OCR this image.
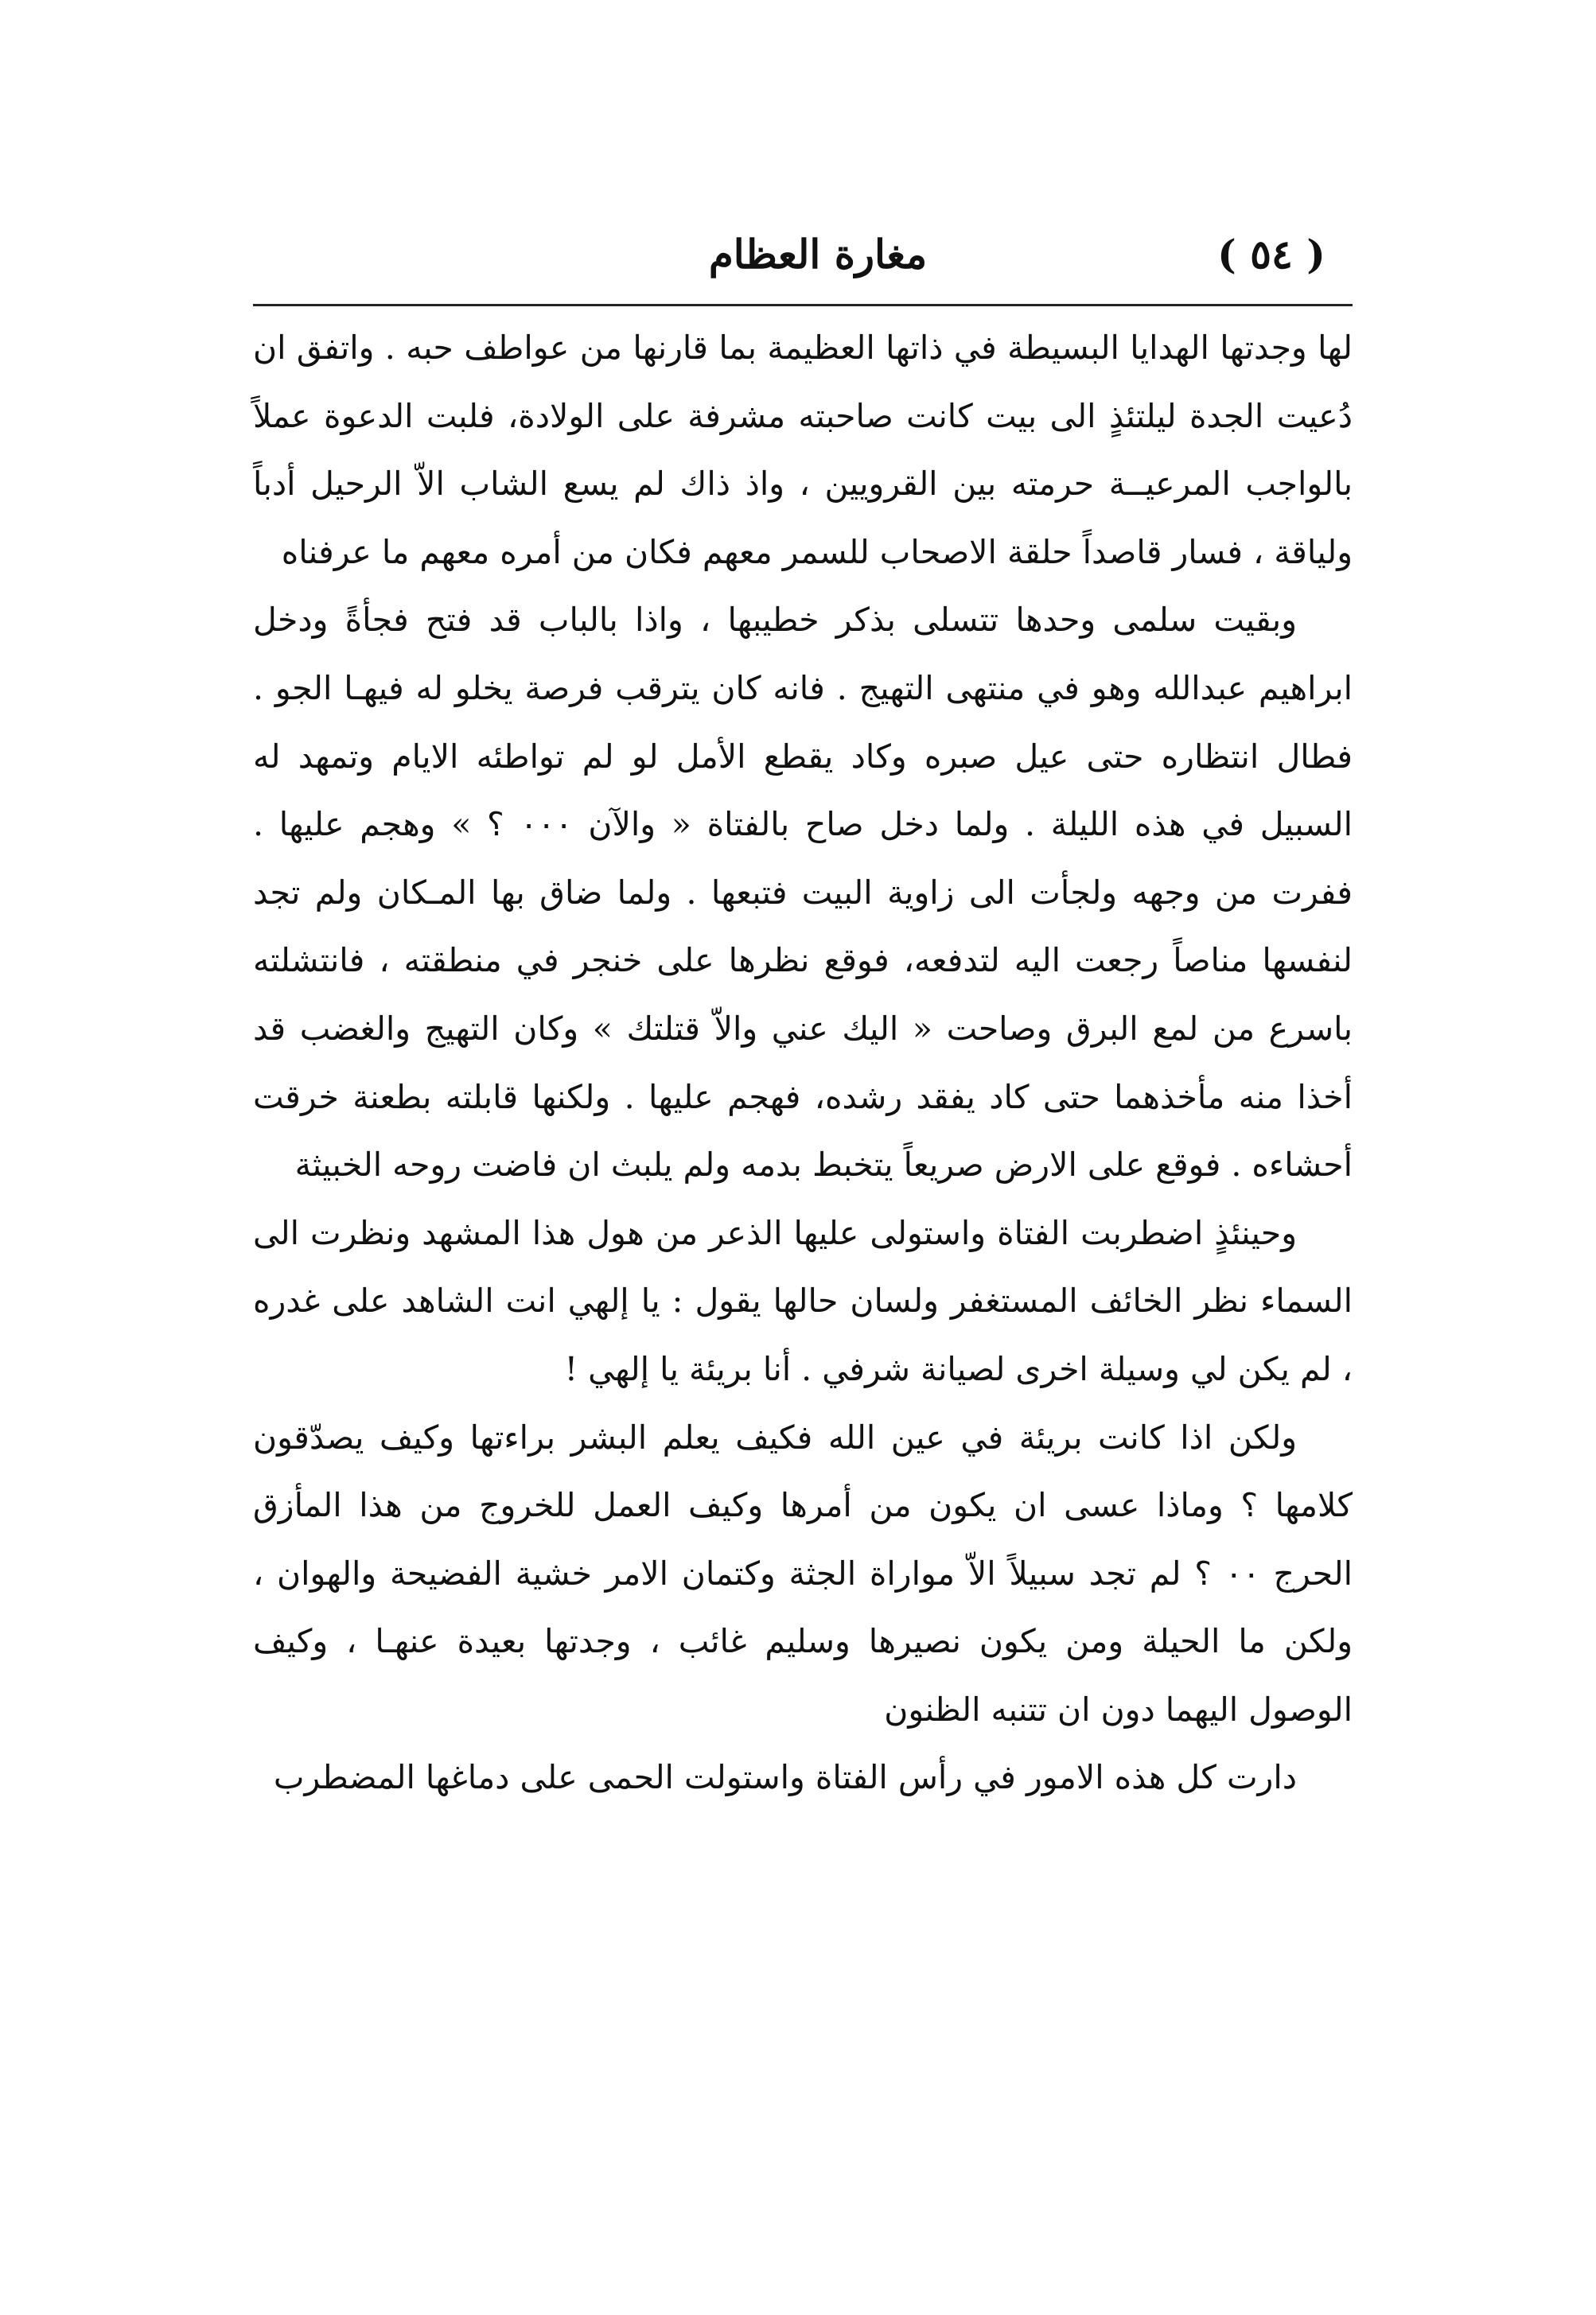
( ٥٤ )
مغارة العظام

لها وجدتها الهدايا البسيطة في ذاتها العظيمة بما قارنها من عواطف حبه . واتفق ان دُعيت الجدة ليلتئذٍ الى بيت كانت صاحبته مشرفة على الولادة، فلبت الدعوة عملاً بالواجب المرعيــة حرمته بين القرويين ، واذ ذاك لم يسع الشاب الاّ الرحيل أدباً ولياقة ، فسار قاصداً حلقة الاصحاب للسمر معهم فكان من أمره معهم ما عرفناه

وبقيت سلمى وحدها تتسلى بذكر خطيبها ، واذا بالباب قد فتح فجأةً ودخل ابراهيم عبدالله وهو في منتهى التهيج . فانه كان يترقب فرصة يخلو له فيهـا الجو . فطال انتظاره حتى عيل صبره وكاد يقطع الأمل لو لم تواطئه الايام وتمهد له السبيل في هذه الليلة . ولما دخل صاح بالفتاة « والآن ٠٠٠ ؟ » وهجم عليها . ففرت من وجهه ولجأت الى زاوية البيت فتبعها . ولما ضاق بها المـكان ولم تجد لنفسها مناصاً رجعت اليه لتدفعه، فوقع نظرها على خنجر في منطقته ، فانتشلته باسرع من لمع البرق وصاحت « اليك عني والاّ قتلتك » وكان التهيج والغضب قد أخذا منه مأخذهما حتى كاد يفقد رشده، فهجم عليها . ولكنها قابلته بطعنة خرقت أحشاءه . فوقع على الارض صريعاً يتخبط بدمه ولم يلبث ان فاضت روحه الخبيثة

وحينئذٍ اضطربت الفتاة واستولى عليها الذعر من هول هذا المشهد ونظرت الى السماء نظر الخائف المستغفر ولسان حالها يقول : يا إلهي انت الشاهد على غدره ، لم يكن لي وسيلة اخرى لصيانة شرفي . أنا بريئة يا إلهي !

ولكن اذا كانت بريئة في عين الله فكيف يعلم البشر براءتها وكيف يصدّقون كلامها ؟ وماذا عسى ان يكون من أمرها وكيف العمل للخروج من هذا المأزق الحرج ٠٠ ؟ لم تجد سبيلاً الاّ مواراة الجثة وكتمان الامر خشية الفضيحة والهوان ، ولكن ما الحيلة ومن يكون نصيرها وسليم غائب ، وجدتها بعيدة عنهـا ، وكيف الوصول اليهما دون ان تتنبه الظنون

دارت كل هذه الامور في رأس الفتاة واستولت الحمى على دماغها المضطرب
